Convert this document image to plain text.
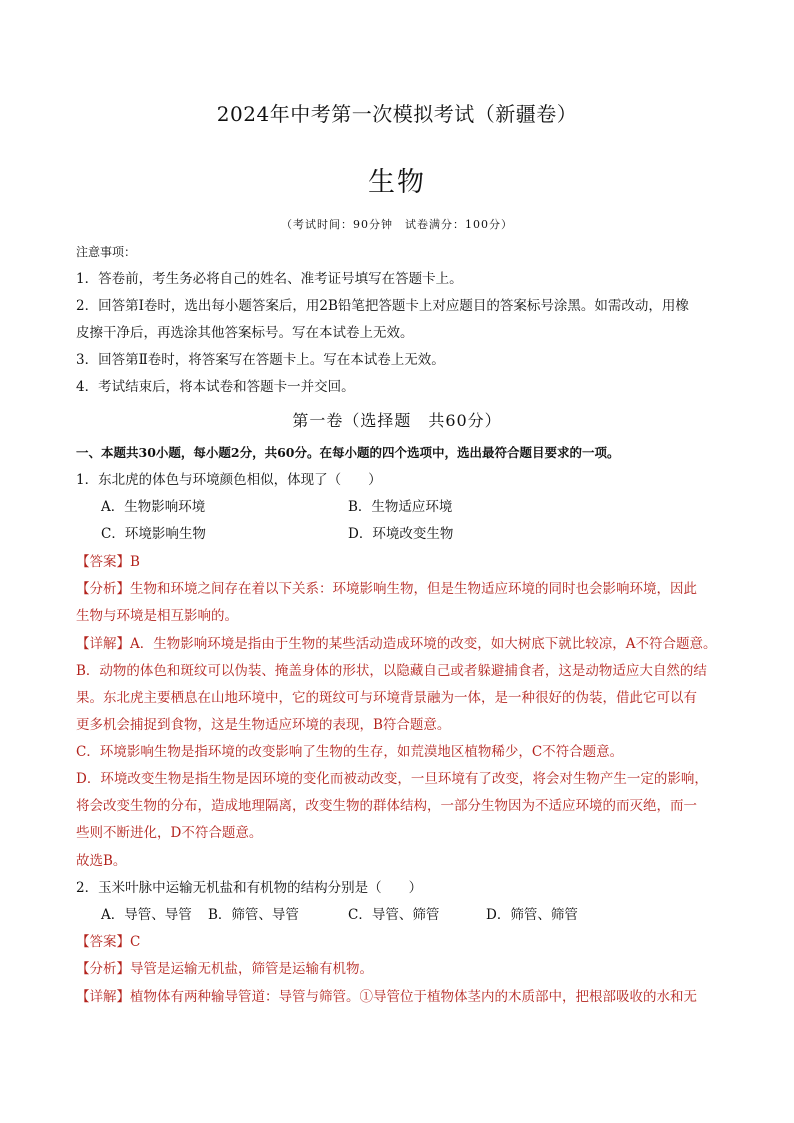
2024年中考第一次模拟考试（新疆卷）
生物
（考试时间：90分钟　试卷满分：100分）
注意事项：
1．答卷前，考生务必将自己的姓名、准考证号填写在答题卡上。
2．回答第Ⅰ卷时，选出每小题答案后，用2B铅笔把答题卡上对应题目的答案标号涂黑。如需改动，用橡
皮擦干净后，再选涂其他答案标号。写在本试卷上无效。
3．回答第Ⅱ卷时，将答案写在答题卡上。写在本试卷上无效。
4．考试结束后，将本试卷和答题卡一并交回。
第一卷（选择题　共60分）
一、本题共30小题，每小题2分，共60分。在每小题的四个选项中，选出最符合题目要求的一项。
1．东北虎的体色与环境颜色相似，体现了（　　）
A．生物影响环境	B．生物适应环境
C．环境影响生物	D．环境改变生物
【答案】B
【分析】生物和环境之间存在着以下关系：环境影响生物，但是生物适应环境的同时也会影响环境，因此
生物与环境是相互影响的。
【详解】A．生物影响环境是指由于生物的某些活动造成环境的改变，如大树底下就比较凉，A不符合题意。
B．动物的体色和斑纹可以伪装、掩盖身体的形状，以隐藏自己或者躲避捕食者，这是动物适应大自然的结
果。东北虎主要栖息在山地环境中，它的斑纹可与环境背景融为一体，是一种很好的伪装，借此它可以有
更多机会捕捉到食物，这是生物适应环境的表现，B符合题意。
C．环境影响生物是指环境的改变影响了生物的生存，如荒漠地区植物稀少，C不符合题意。
D．环境改变生物是指生物是因环境的变化而被动改变，一旦环境有了改变，将会对生物产生一定的影响，
将会改变生物的分布，造成地理隔离，改变生物的群体结构，一部分生物因为不适应环境的而灭绝，而一
些则不断进化，D不符合题意。
故选B。
2．玉米叶脉中运输无机盐和有机物的结构分别是（　　）
A．导管、导管 B．筛管、导管	C．导管、筛管	D．筛管、筛管
【答案】C
【分析】导管是运输无机盐，筛管是运输有机物。
【详解】植物体有两种输导管道：导管与筛管。①导管位于植物体茎内的木质部中，把根部吸收的水和无
